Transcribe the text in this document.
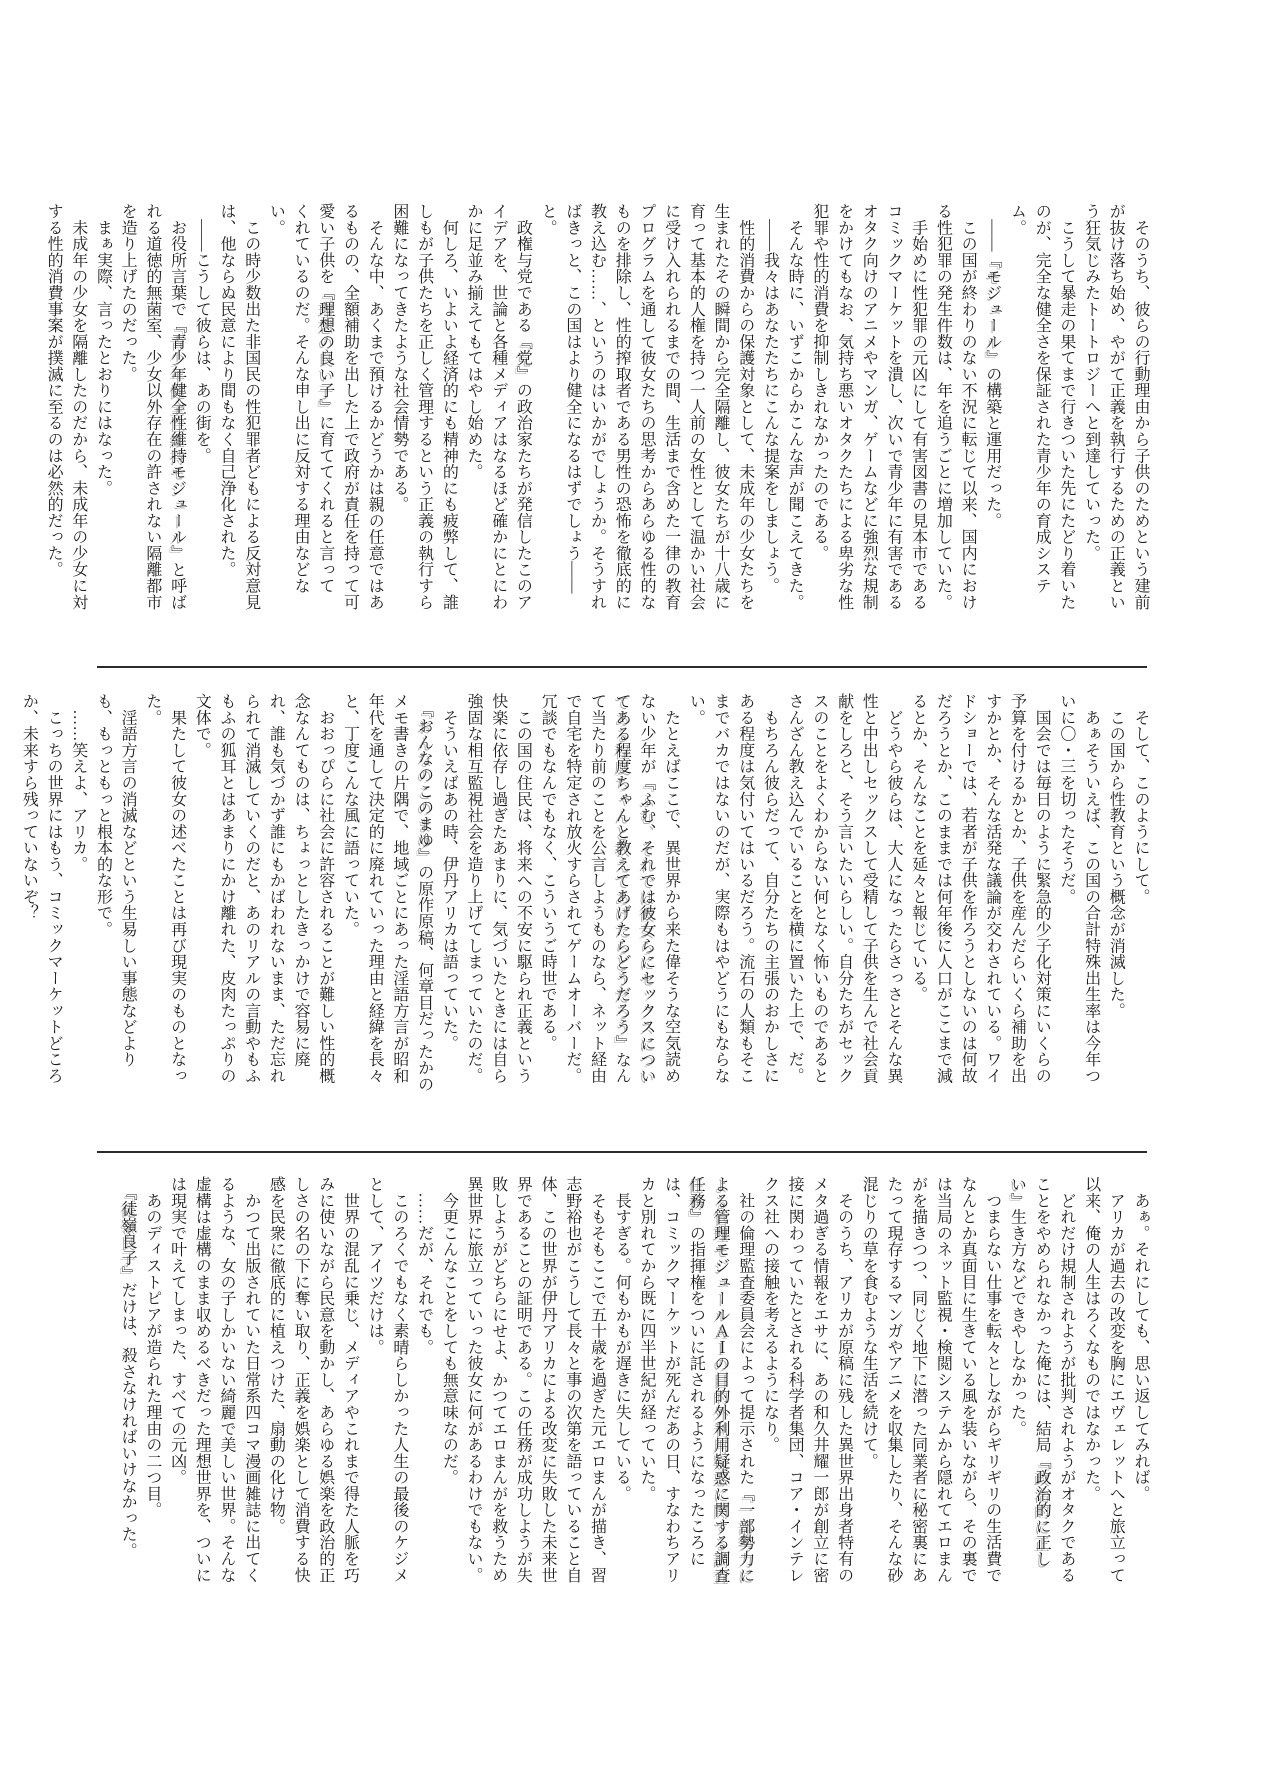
　そのうち、彼らの行動理由から子供のためという建前が抜け落ち始め、やがて正義を執行するための正義という狂気じみたトートロジーへと到達していった。

　こうして暴走の果てまで行きついた先にたどり着いたのが、完全な健全さを保証された青少年の育成システム。

　――『モジュール』の構築と運用だった。

　この国が終わりのない不況に転じて以来、国内における性犯罪の発生件数は、年を追うごとに増加していた。

　手始めに性犯罪の元凶にして有害図書の見本市であるコミックマーケットを潰し、次いで青少年に有害であるオタク向けのアニメやマンガ、ゲームなどに強烈な規制をかけてもなお、気持ち悪いオタクたちによる卑劣な性犯罪や性的消費を抑制しきれなかったのである。

　そんな時に、いずこからかこんな声が聞こえてきた。

　――我々はあなたたちにこんな提案をしましょう。

　性的消費からの保護対象として、未成年の少女たちを生まれたその瞬間から完全隔離し、彼女たちが十八歳に育って基本的人権を持つ一人前の女性として温かい社会に受け入れられるまでの間、生活まで含めた一律の教育プログラムを通して彼女たちの思考からあらゆる性的なものを排除し、性的搾取者である男性の恐怖を徹底的に教え込む……、というのはいかがでしょうか。そうすればきっと、この国はより健全になるはずでしょう――と。

　政権与党である『党』の政治家たちが発信したこのアイデアを、世論と各種メディアはなるほど確かにとにわかに足並み揃えてもてはやし始めた。

　何しろ、いよいよ経済的にも精神的にも疲弊して、誰しもが子供たちを正しく管理するという正義の執行すら困難になってきたような社会情勢である。

　そんな中、あくまで預けるかどうかは親の任意ではあるものの、全額補助を出した上で政府が責任を持って可愛い子供を『理想の良い子』に育ててくれると言ってくれているのだ。そんな申し出に反対する理由などない。

　この時少数出た非国民の性犯罪者どもによる反対意見は、他ならぬ民意により間もなく自己浄化された。

　――こうして彼らは、あの街を。

　お役所言葉で『青少年健全性維持モジュール』と呼ばれる道徳的無菌室、少女以外存在の許されない隔離都市を造り上げたのだった。

　まぁ実際、言ったとおりにはなった。

　未成年の少女を隔離したのだから、未成年の少女に対する性的消費事案が撲滅に至るのは必然的だった。

　そして、このようにして。

　この国から性教育という概念が消滅した。

　あぁそういえば、この国の合計特殊出生率は今年ついに〇・三を切ったそうだ。

　国会では毎日のように緊急的少子化対策にいくらの予算を付けるかとか、子供を産んだらいくら補助を出すかとか、そんな活発な議論が交わされている。ワイドショーでは、若者が子供を作ろうとしないのは何故だろうとか、このままでは何年後に人口がここまで減るとか、そんなことを延々と報じている。

　どうやら彼らは、大人になったらさっさとそんな異性と中出しセックスして受精して子供を生んで社会貢献をしろと、そう言いたいらしい。自分たちがセックスのことをよくわからない何となく怖いものであるとさんざん教え込んでいることを横に置いた上で、だ。

　もちろん彼らだって、自分たちの主張のおかしさにある程度は気付いてはいるだろう。流石の人類もそこまでバカではないのだが、実際もはやどうにもならない。

　たとえばここで、異世界から来た偉そうな空気読めない少年が『ふむ、それでは彼女らにセックスについてある程度ちゃんと教えてあげたらどうだろう』なんて当たり前のことを公言しようものなら、ネット経由で自宅を特定され放火すらされてゲームオーバーだ。冗談でもなんでもなく、こういうご時世である。

　この国の住民は、将来への不安に駆られ正義という快楽に依存し過ぎたあまりに、気づいたときには自ら強固な相互監視社会を造り上げてしまっていたのだ。

　そういえばあの時、伊丹アリカは語っていた。

　『おんなのこのまゆ』の原作原稿、何章目だったかのメモ書きの片隅で、地域ごとにあった淫語方言が昭和年代を通して決定的に廃れていった理由と経緯を長々と、丁度こんな風に語っていた。

　おおっぴらに社会に許容されることが難しい性的概念なんてものは、ちょっとしたきっかけで容易に廃れ、誰も気づかず誰にもかばわれないまま、ただ忘れられて消滅していくのだと、あのリアルの言動やもふもふの狐耳とはあまりにかけ離れた、皮肉たっぷりの文体で。

　果たして彼女の述べたことは再び現実のものとなった。

　淫語方言の消滅などという生易しい事態などよりも、もっともっと根本的な形で。

　……笑えよ、アリカ。

　こっちの世界にはもう、コミックマーケットどころか、未来すら残っていないぞ？

　あぁ。それにしても、思い返してみれば。

　アリカが過去の改変を胸にエヴェレットへと旅立って以来、俺の人生はろくなものではなかった。

　どれだけ規制されようが批判されようがオタクであることをやめられなかった俺には、結局『政治的に正しい』生き方などできやしなかった。

　つまらない仕事を転々としながらギリギリの生活費でなんとか真面目に生きている風を装いながら、その裏では当局のネット監視・検閲システムから隠れてエロまんがを描きつつ、同じく地下に潜った同業者に秘密裏にあたって現存するマンガやアニメを収集したり、そんな砂混じりの草を食むような生活を続けて。

　そのうち、アリカが原稿に残した異世界出身者特有のメタ過ぎる情報をエサに、あの和久井耀一郎が創立に密接に関わっていたとされる科学者集団、コア・インテレクス社への接触を考えるようになり。

　社の倫理監査委員会によって提示された『一部勢力による管理モジュールＡＩの目的外利用疑惑に関する調査任務』の指揮権をついに託されるようになったころには、コミックマーケットが死んだあの日、すなわちアリカと別れてから既に四半世紀が経っていた。

　長すぎる。何もかもが遅きに失している。

　そもそもここで五十歳を過ぎた元エロまんが描き、習志野裕也がこうして長々と事の次第を語っていること自体、この世界が伊丹アリカによる改変に失敗した未来世界であることの証明である。この任務が成功しようが失敗しようがどちらにせよ、かつてエロまんがを救うため異世界に旅立っていった彼女に何があるわけでもない。

　今更こんなことをしても無意味なのだ。

　……だが、それでも。

　このろくでもなく素晴らしかった人生の最後のケジメとして、アイツだけは。

　世界の混乱に乗じ、メディアやこれまで得た人脈を巧みに使いながら民意を動かし、あらゆる娯楽を政治的正しさの名の下に奪い取り、正義を娯楽として消費する快感を民衆に徹底的に植えつけた、扇動の化け物。

　かつて出版されていた日常系四コマ漫画雑誌に出てくるような、女の子しかいない綺麗で美しい世界。そんな虚構は虚構のまま収めるべきだった理想世界を、ついには現実で叶えてしまった、すべての元凶。

　あのディストピアが造られた理由の二つ目。

　『徒嶺良子』だけは、殺さなければいけなかった。
